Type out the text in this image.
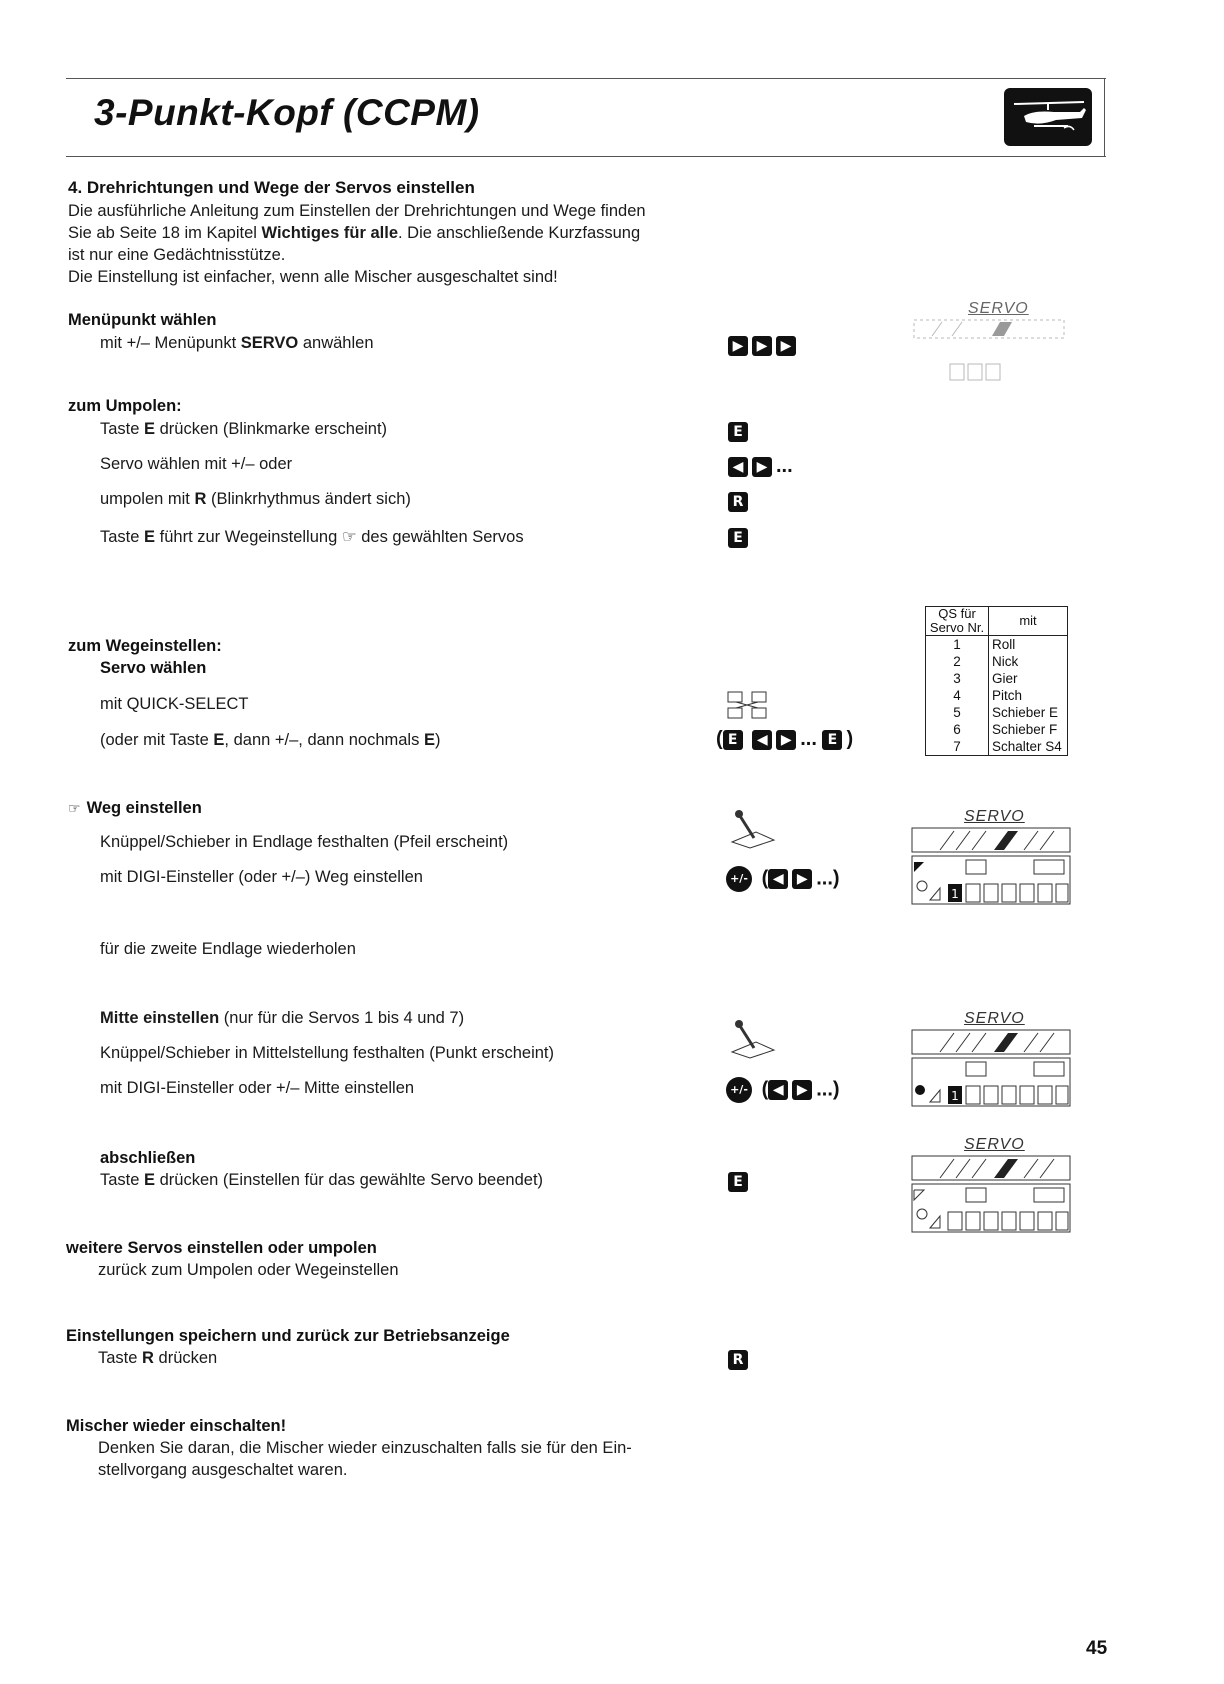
3-Punkt-Kopf (CCPM)
4. Drehrichtungen und Wege der Servos einstellen
Die ausführliche Anleitung zum Einstellen der Drehrichtungen und Wege finden
Sie ab Seite 18 im Kapitel Wichtiges für alle. Die anschließende Kurzfassung
ist nur eine Gedächtnisstütze.
Die Einstellung ist einfacher, wenn alle Mischer ausgeschaltet sind!
Menüpunkt wählen
mit +/– Menüpunkt SERVO anwählen	▶ ▶ ▶
SERVO
zum Umpolen:
Taste E drücken (Blinkmarke erscheint)
Servo wählen mit +/– oder
umpolen mit R (Blinkrhythmus ändert sich)
Taste E führt zur Wegeinstellung ☞ des gewählten Servos
E
◀ ▶ ...
R
E
zum Wegeinstellen:
Servo wählen
mit QUICK-SELECT
(oder mit Taste E, dann +/–, dann nochmals E)	( E ◀ ▶ ... E )
QS für
Servo Nr.	mit
1	Roll
2	Nick
3	Gier
4	Pitch
5	Schieber E
6	Schieber F
7	Schalter S4
☞ Weg einstellen
Knüppel/Schieber in Endlage festhalten (Pfeil erscheint)
mit DIGI-Einsteller (oder +/–) Weg einstellen
für die zweite Endlage wiederholen
+/- ( ◀ ▶ ...)
SERVO
1
Mitte einstellen (nur für die Servos 1 bis 4 und 7)
Knüppel/Schieber in Mittelstellung festhalten (Punkt erscheint)
mit DIGI-Einsteller oder +/– Mitte einstellen	+/- ( ◀ ▶ ...)
SERVO
1
abschließen
Taste E drücken (Einstellen für das gewählte Servo beendet)	E
SERVO
weitere Servos einstellen oder umpolen
zurück zum Umpolen oder Wegeinstellen
Einstellungen speichern und zurück zur Betriebsanzeige
Taste R drücken	R
Mischer wieder einschalten!
Denken Sie daran, die Mischer wieder einzuschalten falls sie für den Ein-
stellvorgang ausgeschaltet waren.
45
